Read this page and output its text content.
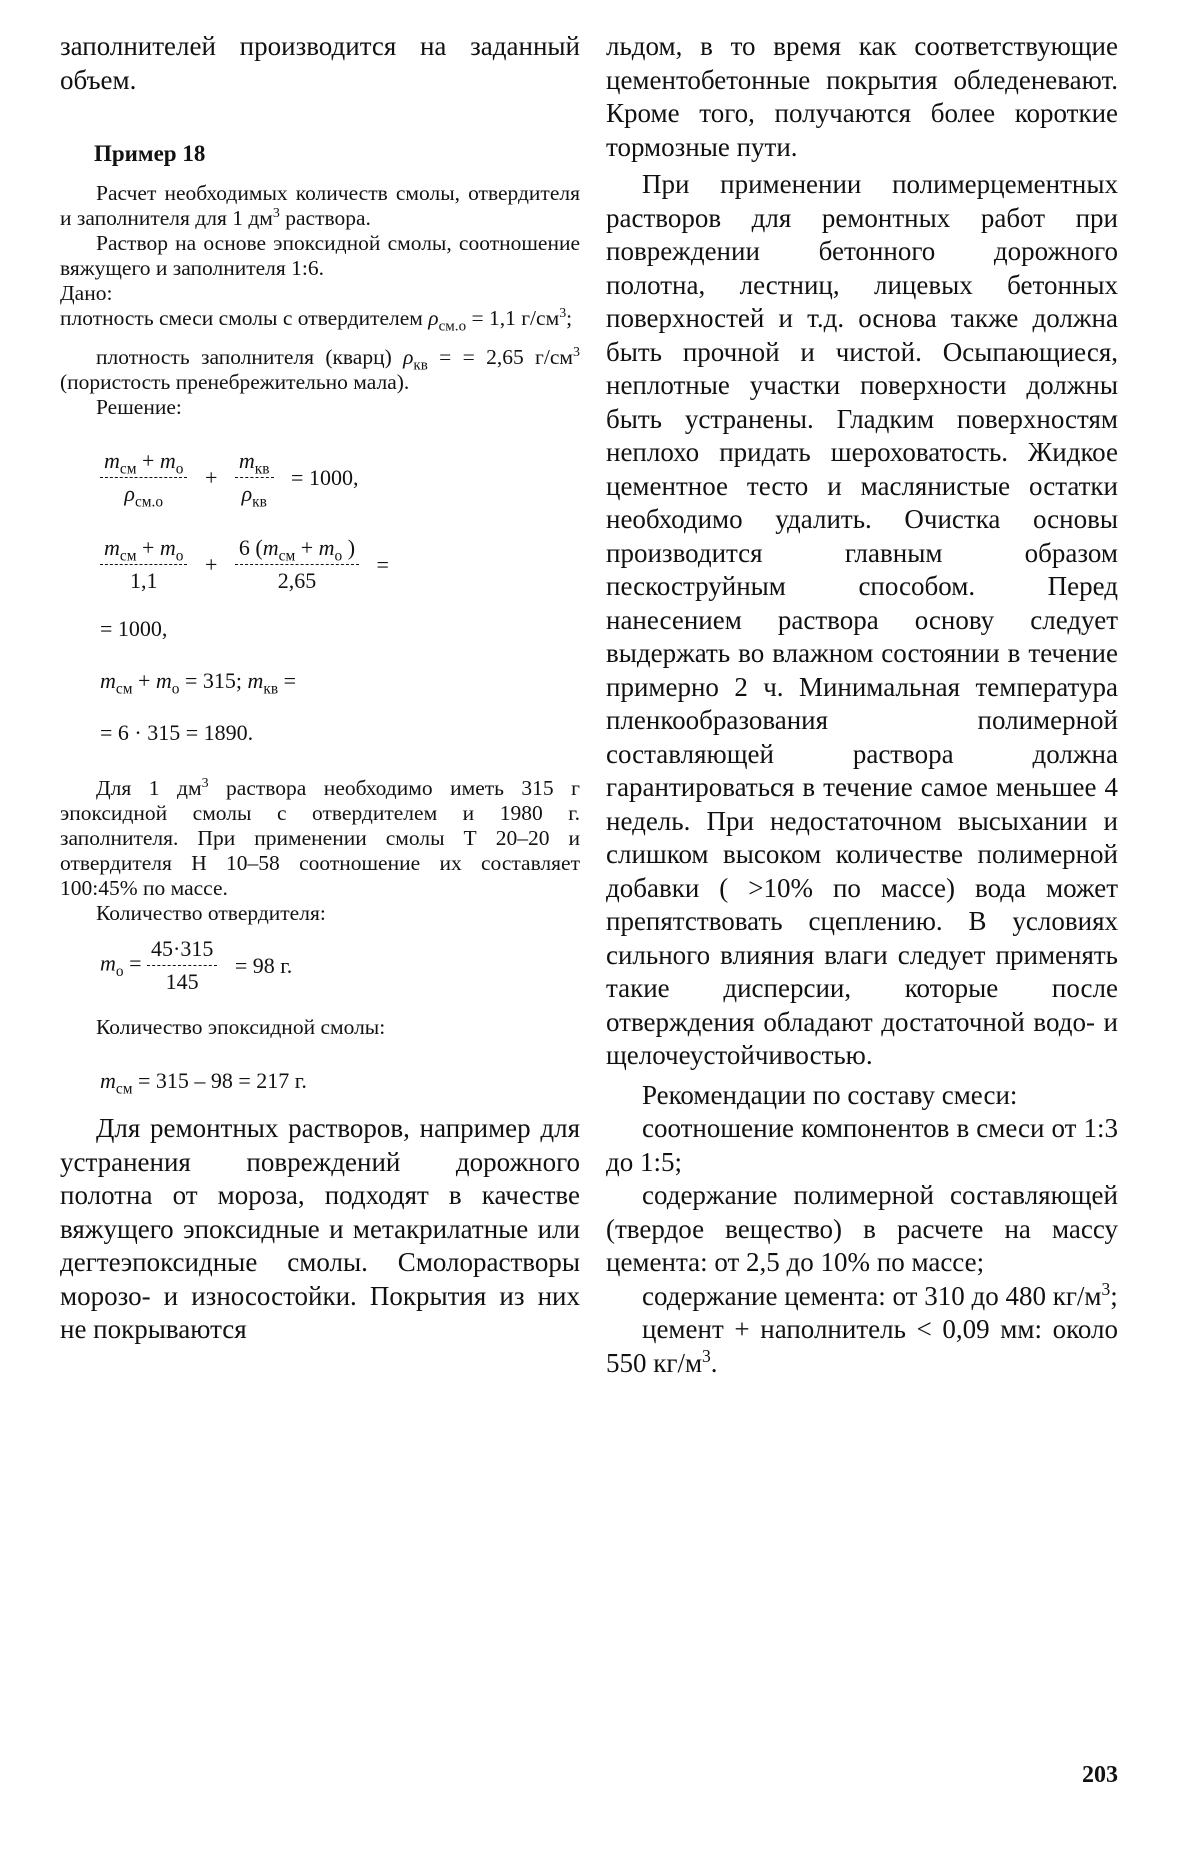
заполнителей производится на заданный объем.

Пример 18

Расчет необходимых количеств смолы, отвердителя и заполнителя для 1 $дм^3$ раствора.

Раствор на основе эпоксидной смолы, соотношение вяжущего и заполнителя 1:6.

Дано:

плотность смеси смолы с отвердителем $\rho_{см.о} = 1,1$ $г/см^3$;

плотность заполнителя (кварц) $\rho_{кв}$ = = 2,65 $г/см^3$ (пористость пренебрежительно мала).

Решение:

$\frac{m_{см} + m_о}{\rho_{см.о}} + \frac{m_{кв}}{\rho_{кв}} = 1000$,
$\frac{m_{см} + m_о}{1,1} + \frac{6 (m_{см} + m_о )}{2,65}$ =
= 1000,
$m_{см} + m_о = 315$; $m_{кв}$ =
= 6 · 315 = 1890.

Для 1 $дм^3$ раствора необходимо иметь 315 г эпоксидной смолы с отвердителем и 1980 г. заполнителя. При применении смолы Т 20–20 и отвердителя Н 10–58 соотношение их составляет 100:45% по массе.

Количество отвердителя:

$m_о = \frac{45\cdot 315}{145} = 98$ г.

Количество эпоксидной смолы:

$m_{см} = 315 - 98 = 217$ г.

Для ремонтных растворов, например для устранения повреждений дорожного полотна от мороза, подходят в качестве вяжущего эпоксидные и метакрилатные или дегтеэпоксидные смолы. Смолорастворы морозо- и износостойки. Покрытия из них не покрываются

льдом, в то время как соответствующие цементобетонные покрытия обледеневают. Кроме того, получаются более короткие тормозные пути.

При применении полимерцементных растворов для ремонтных работ при повреждении бетонного дорожного полотна, лестниц, лицевых бетонных поверхностей и т.д. основа также должна быть прочной и чистой. Осыпающиеся, неплотные участки поверхности должны быть устранены. Гладким поверхностям неплохо придать шероховатость. Жидкое цементное тесто и маслянистые остатки необходимо удалить. Очистка основы производится главным образом пескоструйным способом. Перед нанесением раствора основу следует выдержать во влажном состоянии в течение примерно 2 ч. Минимальная температура пленкообразования полимерной составляющей раствора должна гарантироваться в течение самое меньшее 4 недель. При недостаточном высыхании и слишком высоком количестве полимерной добавки ( >10% по массе) вода может препятствовать сцеплению. В условиях сильного влияния влаги следует применять такие дисперсии, которые после отверждения обладают достаточной водо- и щелочеустойчивостью.

Рекомендации по составу смеси:

соотношение компонентов в смеси от 1:3 до 1:5;

содержание полимерной составляющей (твердое вещество) в расчете на массу цемента: от 2,5 до 10% по массе;

содержание цемента: от 310 до 480 $кг/м^3$;

цемент + наполнитель < 0,09 мм: около 550 $кг/м^3$.

203
